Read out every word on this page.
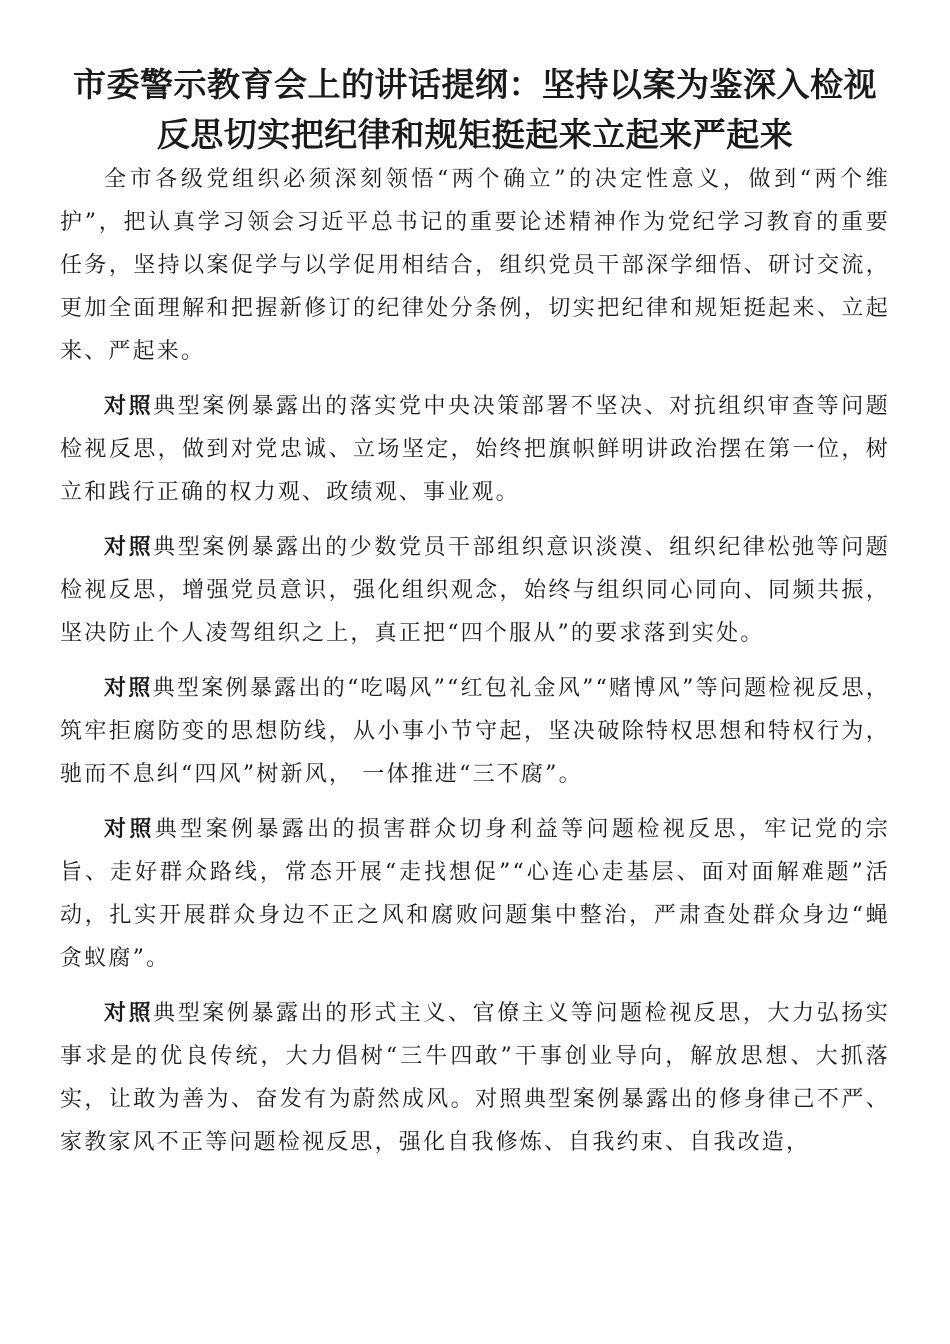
市委警示教育会上的讲话提纲：坚持以案为鉴深入检视
反思切实把纪律和规矩挺起来立起来严起来

全市各级党组织必须深刻领悟“两个确立”的决定性意义，做到“两个维护”，把认真学习领会习近平总书记的重要论述精神作为党纪学习教育的重要任务，坚持以案促学与以学促用相结合，组织党员干部深学细悟、研讨交流，更加全面理解和把握新修订的纪律处分条例，切实把纪律和规矩挺起来、立起来、严起来。

对照典型案例暴露出的落实党中央决策部署不坚决、对抗组织审查等问题检视反思，做到对党忠诚、立场坚定，始终把旗帜鲜明讲政治摆在第一位，树立和践行正确的权力观、政绩观、事业观。

对照典型案例暴露出的少数党员干部组织意识淡漠、组织纪律松弛等问题检视反思，增强党员意识，强化组织观念，始终与组织同心同向、同频共振，坚决防止个人凌驾组织之上，真正把“四个服从”的要求落到实处。

对照典型案例暴露出的“吃喝风”“红包礼金风”“赌博风”等问题检视反思，筑牢拒腐防变的思想防线，从小事小节守起，坚决破除特权思想和特权行为，驰而不息纠“四风”树新风， 一体推进“三不腐”。

对照典型案例暴露出的损害群众切身利益等问题检视反思，牢记党的宗旨、走好群众路线，常态开展“走找想促”“心连心走基层、面对面解难题”活动，扎实开展群众身边不正之风和腐败问题集中整治，严肃查处群众身边“蝇贪蚁腐”。

对照典型案例暴露出的形式主义、官僚主义等问题检视反思，大力弘扬实事求是的优良传统，大力倡树“三牛四敢”干事创业导向，解放思想、大抓落实，让敢为善为、奋发有为蔚然成风。对照典型案例暴露出的修身律己不严、家教家风不正等问题检视反思，强化自我修炼、自我约束、自我改造，
